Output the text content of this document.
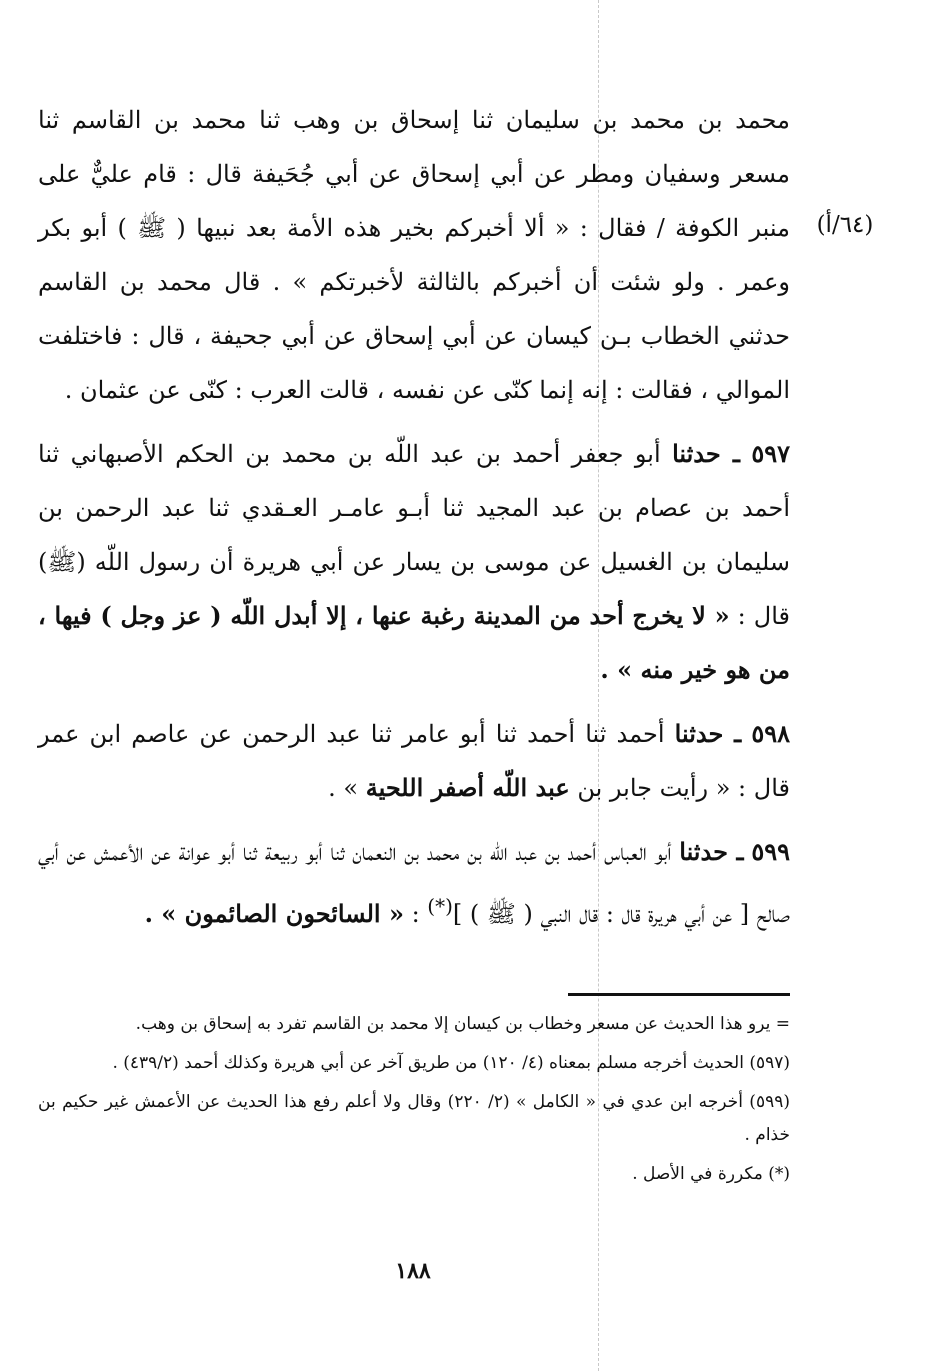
(٦٤/أ)

محمد بن محمد بن سليمان ثنا إسحاق بن وهب ثنا محمد بن القاسم ثنا مسعر وسفيان ومطر عن أبي إسحاق عن أبي جُحَيفة قال : قام عليٌّ على منبر الكوفة / فقال : « ألا أخبركم بخير هذه الأمة بعد نبيها ( ﷺ ) أبو بكر وعمر . ولو شئت أن أخبركم بالثالثة لأخبرتكم » . قال محمد بن القاسم حدثني الخطاب بـن كيسان عن أبي إسحاق عن أبي جحيفة ، قال : فاختلفت الموالي ، فقالت : إنه إنما كنّى عن نفسه ، قالت العرب : كنّى عن عثمان .

٥٩٧ ـ حدثنا أبو جعفر أحمد بن عبد اللّه بن محمد بن الحكم الأصبهاني ثنا أحمد بن عصام بن عبد المجيد ثنا أبـو عامـر العـقدي ثنا عبد الرحمن بن سليمان بن الغسيل عن موسى بن يسار عن أبي هريرة أن رسول اللّه (ﷺ) قال : « لا يخرج أحد من المدينة رغبة عنها ، إلا أبدل اللّه ( عز وجل ) فيها ، من هو خير منه » .

٥٩٨ ـ حدثنا أحمد ثنا أحمد ثنا أبو عامر ثنا عبد الرحمن عن عاصم ابن عمر قال : « رأيت جابر بن عبد اللّه أصفر اللحية » .

٥٩٩ ـ حدثنا أبو العباس أحمد بن عبد اللّه بن محمد بن النعمان ثنا أبو ربيعة ثنا أبو عوانة عن الأعمش عن أبي صالح [ عن أبي هريرة قال : قال النبي ( ﷺ ) ](*) : « السائحون الصائمون » .

= يرو هذا الحديث عن مسعر وخطاب بن كيسان إلا محمد بن القاسم تفرد به إسحاق بن وهب.

(٥٩٧) الحديث أخرجه مسلم بمعناه (٤/ ١٢٠) من طريق آخر عن أبي هريرة وكذلك أحمد (٤٣٩/٢) .

(٥٩٩) أخرجه ابن عدي في « الكامل » (٢/ ٢٢٠) وقال ولا أعلم رفع هذا الحديث عن الأعمش غير حكيم بن خذام .

(*) مكررة في الأصل .

١٨٨
